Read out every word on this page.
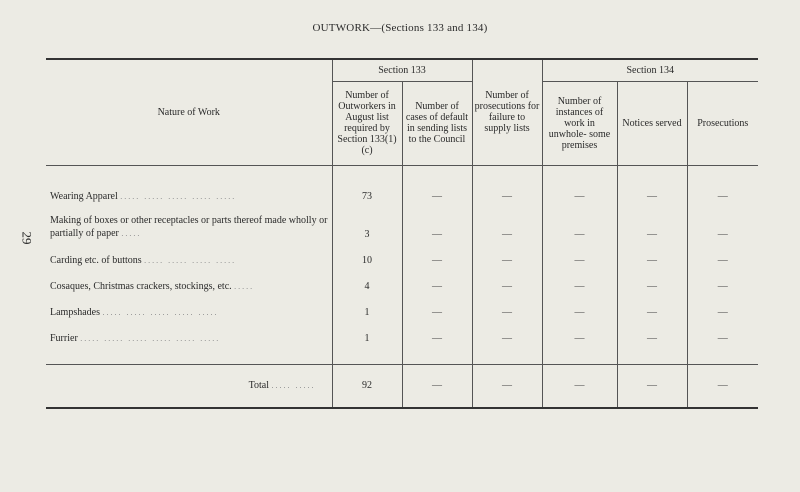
OUTWORK—(Sections 133 and 134)
29
Nature of Work	Section 133		Number of prosecutions for failure to supply lists	Section 134		
	Number of Outworkers in August list required by Section 133(1)(c)	Number of cases of default in sending lists to the Council		Number of instances of work in unwhole- some premises	Notices served	Prosecutions
Wearing Apparel ..... ..... ..... ..... .....	73	—	—	—	—	—
Making of boxes or other receptacles or parts thereof made wholly or partially of paper .....	3	—	—	—	—	—
Carding etc. of buttons ..... ..... ..... .....	10	—	—	—	—	—
Cosaques, Christmas crackers, stockings, etc. .....	4	—	—	—	—	—
Lampshades ..... ..... ..... ..... .....	1	—	—	—	—	—
Furrier ..... ..... ..... ..... ..... .....	1	—	—	—	—	—

Total ..... .....	92	—	—	—	—	—
